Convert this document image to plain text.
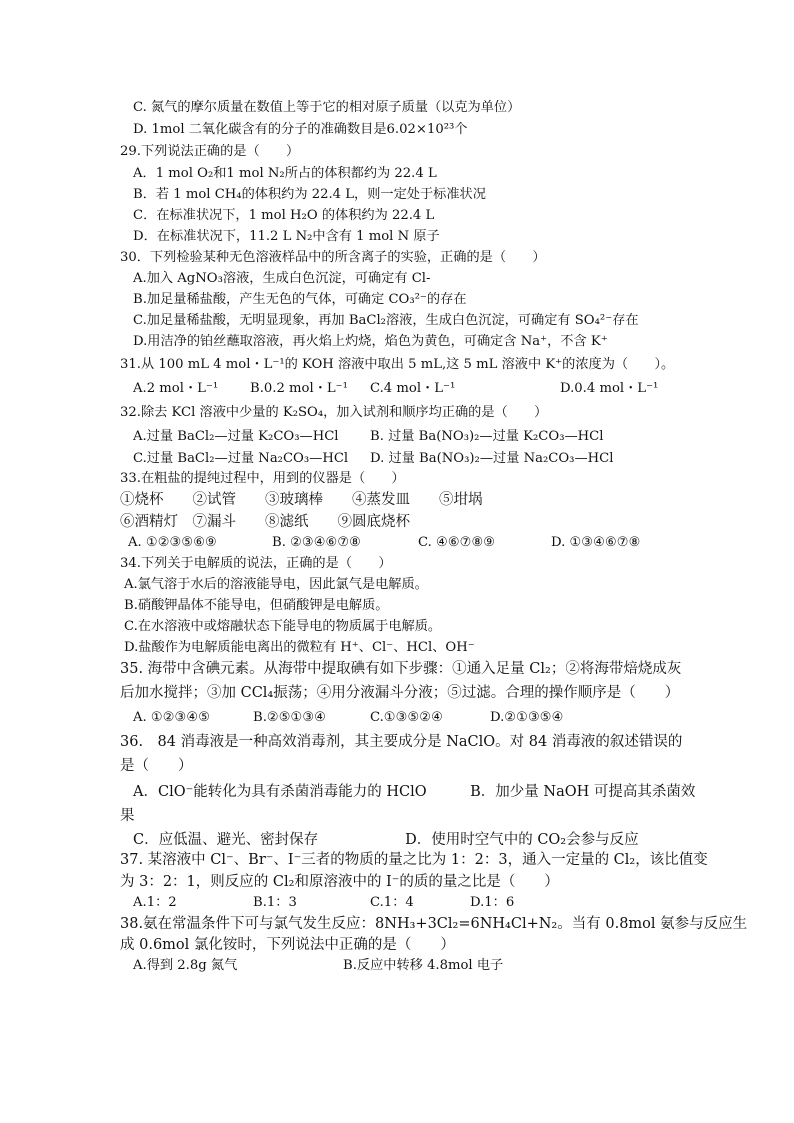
C. 氮气的摩尔质量在数值上等于它的相对原子质量（以克为单位）
D. 1mol 二氧化碳含有的分子的准确数目是6.02×10²³个
29.下列说法正确的是（　　）
A．1 mol O₂和1 mol N₂所占的体积都约为 22.4 L
B．若 1 mol CH₄的体积约为 22.4 L，则一定处于标准状况
C．在标准状况下，1 mol H₂O 的体积约为 22.4 L
D．在标准状况下，11.2 L N₂中含有 1 mol N 原子
30．下列检验某种无色溶液样品中的所含离子的实验，正确的是（　　）
A.加入 AgNO₃溶液，生成白色沉淀，可确定有 Cl-
B.加足量稀盐酸，产生无色的气体，可确定 CO₃²⁻的存在
C.加足量稀盐酸，无明显现象，再加 BaCl₂溶液，生成白色沉淀，可确定有 SO₄²⁻存在
D.用洁净的铂丝蘸取溶液，再火焰上灼烧，焰色为黄色，可确定含 Na⁺，不含 K⁺
31.从 100 mL 4 mol・L⁻¹的 KOH 溶液中取出 5 mL,这 5 mL 溶液中 K⁺的浓度为（　　）。
A.2 mol・L⁻¹ B.0.2 mol・L⁻¹ C.4 mol・L⁻¹	D.0.4 mol・L⁻¹
32.除去 KCl 溶液中少量的 K₂SO₄，加入试剂和顺序均正确的是（　　）
A.过量 BaCl₂—过量 K₂CO₃—HCl B. 过量 Ba(NO₃)₂—过量 K₂CO₃—HCl
C.过量 BaCl₂—过量 Na₂CO₃—HCl D. 过量 Ba(NO₃)₂—过量 Na₂CO₃—HCl
33.在粗盐的提纯过程中，用到的仪器是（　　）
①烧杯　　②试管　　③玻璃棒　　④蒸发皿　　⑤坩埚
⑥酒精灯　⑦漏斗　　⑧滤纸　　⑨圆底烧杯
A. ①②③⑤⑥⑨	B. ②③④⑥⑦⑧	C. ④⑥⑦⑧⑨	D. ①③④⑥⑦⑧
34.下列关于电解质的说法，正确的是（　　）
A.氯气溶于水后的溶液能导电，因此氯气是电解质。
B.硝酸钾晶体不能导电，但硝酸钾是电解质。
C.在水溶液中或熔融状态下能导电的物质属于电解质。
D.盐酸作为电解质能电离出的微粒有 H⁺、Cl⁻、HCl、OH⁻
35. 海带中含碘元素。从海带中提取碘有如下步骤：①通入足量 Cl₂；②将海带焙烧成灰
后加水搅拌；③加 CCl₄振荡；④用分液漏斗分液；⑤过滤。合理的操作顺序是（　　）
A. ①②③④⑤	B.②⑤①③④	C.①③⑤②④	D.②①③⑤④
36.　84 消毒液是一种高效消毒剂，其主要成分是 NaClO。对 84 消毒液的叙述错误的
是（　　）
A．ClO⁻能转化为具有杀菌消毒能力的 HClO　　　B．加少量 NaOH 可提高其杀菌效
果
C．应低温、避光、密封保存　　　　　　D．使用时空气中的 CO₂会参与反应
37. 某溶液中 Cl⁻、Br⁻、I⁻三者的物质的量之比为 1：2：3，通入一定量的 Cl₂，该比值变
为 3：2：1，则反应的 Cl₂和原溶液中的 I⁻的质的量之比是（　　）
A.1：2	B.1：3	C.1：4	D.1：6
38.氨在常温条件下可与氯气发生反应：8NH₃+3Cl₂=6NH₄Cl+N₂。当有 0.8mol 氨参与反应生
成 0.6mol 氯化铵时，下列说法中正确的是（　　）
A.得到 2.8g 氮气	B.反应中转移 4.8mol 电子
